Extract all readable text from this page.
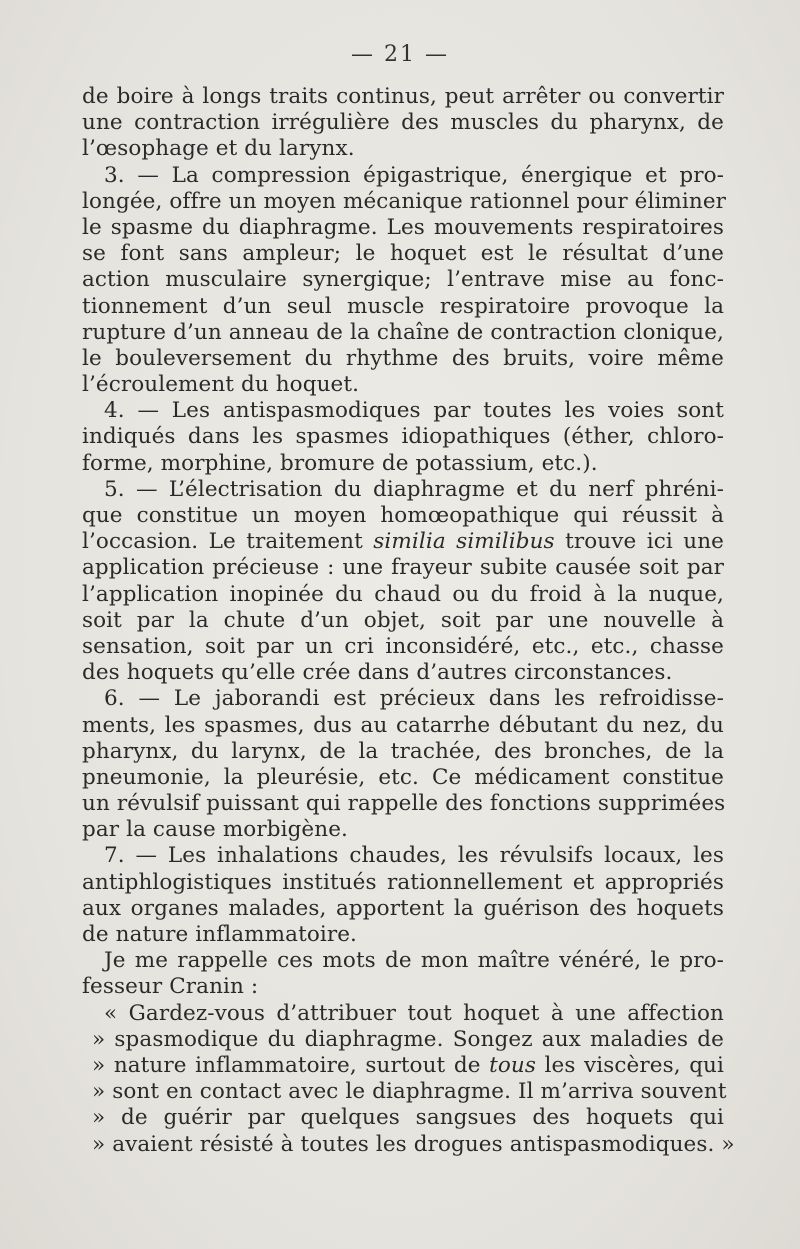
— 21 —
de boire à longs traits continus, peut arrêter ou convertir
une contraction irrégulière des muscles du pharynx, de
l’œsophage et du larynx.
3. — La compression épigastrique, énergique et pro-
longée, offre un moyen mécanique rationnel pour éliminer
le spasme du diaphragme. Les mouvements respiratoires
se font sans ampleur; le hoquet est le résultat d’une
action musculaire synergique; l’entrave mise au fonc-
tionnement d’un seul muscle respiratoire provoque la
rupture d’un anneau de la chaîne de contraction clonique,
le bouleversement du rhythme des bruits, voire même
l’écroulement du hoquet.
4. — Les antispasmodiques par toutes les voies sont
indiqués dans les spasmes idiopathiques (éther, chloro-
forme, morphine, bromure de potassium, etc.).
5. — L’électrisation du diaphragme et du nerf phréni-
que constitue un moyen homœopathique qui réussit à
l’occasion. Le traitement similia similibus trouve ici une
application précieuse : une frayeur subite causée soit par
l’application inopinée du chaud ou du froid à la nuque,
soit par la chute d’un objet, soit par une nouvelle à
sensation, soit par un cri inconsidéré, etc., etc., chasse
des hoquets qu’elle crée dans d’autres circonstances.
6. — Le jaborandi est précieux dans les refroidisse-
ments, les spasmes, dus au catarrhe débutant du nez, du
pharynx, du larynx, de la trachée, des bronches, de la
pneumonie, la pleurésie, etc. Ce médicament constitue
un révulsif puissant qui rappelle des fonctions supprimées
par la cause morbigène.
7. — Les inhalations chaudes, les révulsifs locaux, les
antiphlogistiques institués rationnellement et appropriés
aux organes malades, apportent la guérison des hoquets
de nature inflammatoire.
Je me rappelle ces mots de mon maître vénéré, le pro-
fesseur Cranin :
« Gardez-vous d’attribuer tout hoquet à une affection
» spasmodique du diaphragme. Songez aux maladies de
» nature inflammatoire, surtout de tous les viscères, qui
» sont en contact avec le diaphragme. Il m’arriva souvent
» de guérir par quelques sangsues des hoquets qui
» avaient résisté à toutes les drogues antispasmodiques. »
